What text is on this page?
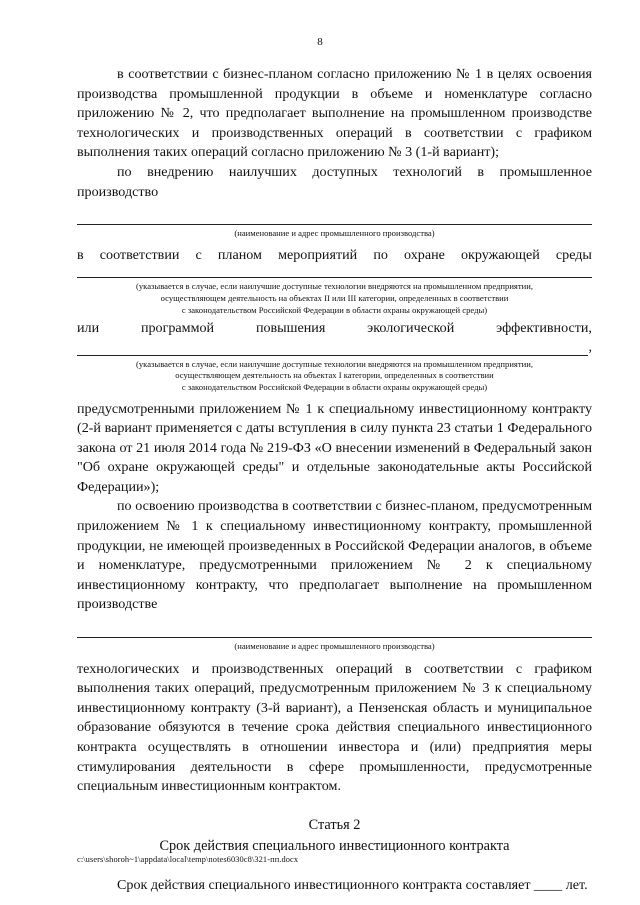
8

в соответствии с бизнес-планом согласно приложению № 1 в целях освоения производства промышленной продукции в объеме и номенклатуре согласно приложению № 2, что предполагает выполнение на промышленном производстве технологических и производственных операций в соответствии с графиком выполнения таких операций согласно приложению № 3 (1-й вариант);

по внедрению наилучших доступных технологий в промышленное производство

(наименование и адрес промышленного производства)

в соответствии с планом мероприятий по охране окружающей среды
(указывается в случае, если наилучшие доступные технологии внедряются на промышленном предприятии,
осуществляющем деятельность на объектах II или III категории, определенных в соответствии
с законодательством Российской Федерации в области охраны окружающей среды)
или	программой	повышения	экологической	эффективности,
,
(указывается в случае, если наилучшие доступные технологии внедряются на промышленном предприятии,
осуществляющем деятельность на объектах I категории, определенных в соответствии
с законодательством Российской Федерации в области охраны окружающей среды)

предусмотренными приложением № 1 к специальному инвестиционному контракту (2-й вариант применяется с даты вступления в силу пункта 23 статьи 1 Федерального закона от 21 июля 2014 года № 219-ФЗ «О внесении изменений в Федеральный закон "Об охране окружающей среды" и отдельные законодательные акты Российской Федерации»);

по освоению производства в соответствии с бизнес-планом, предусмотренным приложением № 1 к специальному инвестиционному контракту, промышленной продукции, не имеющей произведенных в Российской Федерации аналогов, в объеме и номенклатуре, предусмотренными приложением № 2 к специальному инвестиционному контракту, что предполагает выполнение на промышленном производстве

(наименование и адрес промышленного производства)

технологических и производственных операций в соответствии с графиком выполнения таких операций, предусмотренным приложением № 3 к специальному инвестиционному контракту (3-й вариант), а Пензенская область и муниципальное образование обязуются в течение срока действия специального инвестиционного контракта осуществлять в отношении инвестора и (или) предприятия меры стимулирования деятельности в сфере промышленности, предусмотренные специальным инвестиционным контрактом.

Статья 2

Срок действия специального инвестиционного контракта

Срок действия специального инвестиционного контракта составляет ____ лет.

c:\users\shoroh~1\appdata\local\temp\notes6030c8\321-пп.docx
